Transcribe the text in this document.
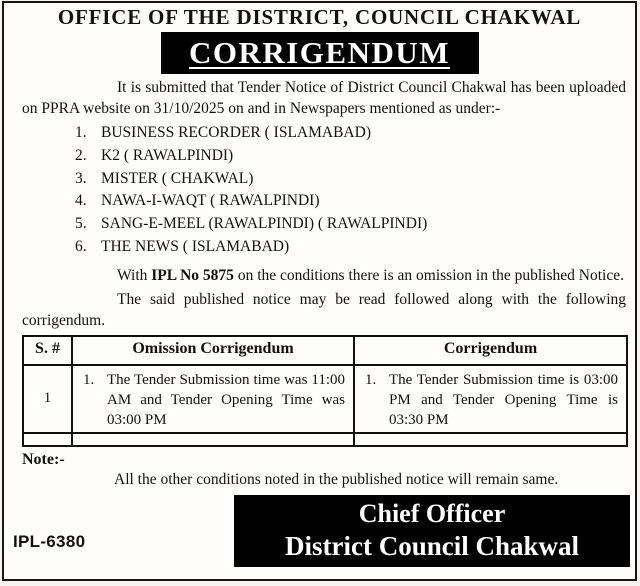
OFFICE OF THE DISTRICT, COUNCIL CHAKWAL
CORRIGENDUM

It is submitted that Tender Notice of District Council Chakwal has been uploaded on PPRA website on 31/10/2025 on and in Newspapers mentioned as under:-

1. BUSINESS RECORDER ( ISLAMABAD)
2. K2 ( RAWALPINDI)
3. MISTER ( CHAKWAL)
4. NAWA-I-WAQT ( RAWALPINDI)
5. SANG-E-MEEL (RAWALPINDI) ( RAWALPINDI)
6. THE NEWS ( ISLAMABAD)

With IPL No 5875 on the conditions there is an omission in the published Notice.

The said published notice may be read followed along with the following corrigendum.

S. #	Omission Corrigendum	Corrigendum
1	1. The Tender Submission time was 11:00 AM and Tender Opening Time was 03:00 PM	1. The Tender Submission time is 03:00 PM and Tender Opening Time is 03:30 PM

Note:-

All the other conditions noted in the published notice will remain same.

IPL-6380
Chief Officer
District Council Chakwal
